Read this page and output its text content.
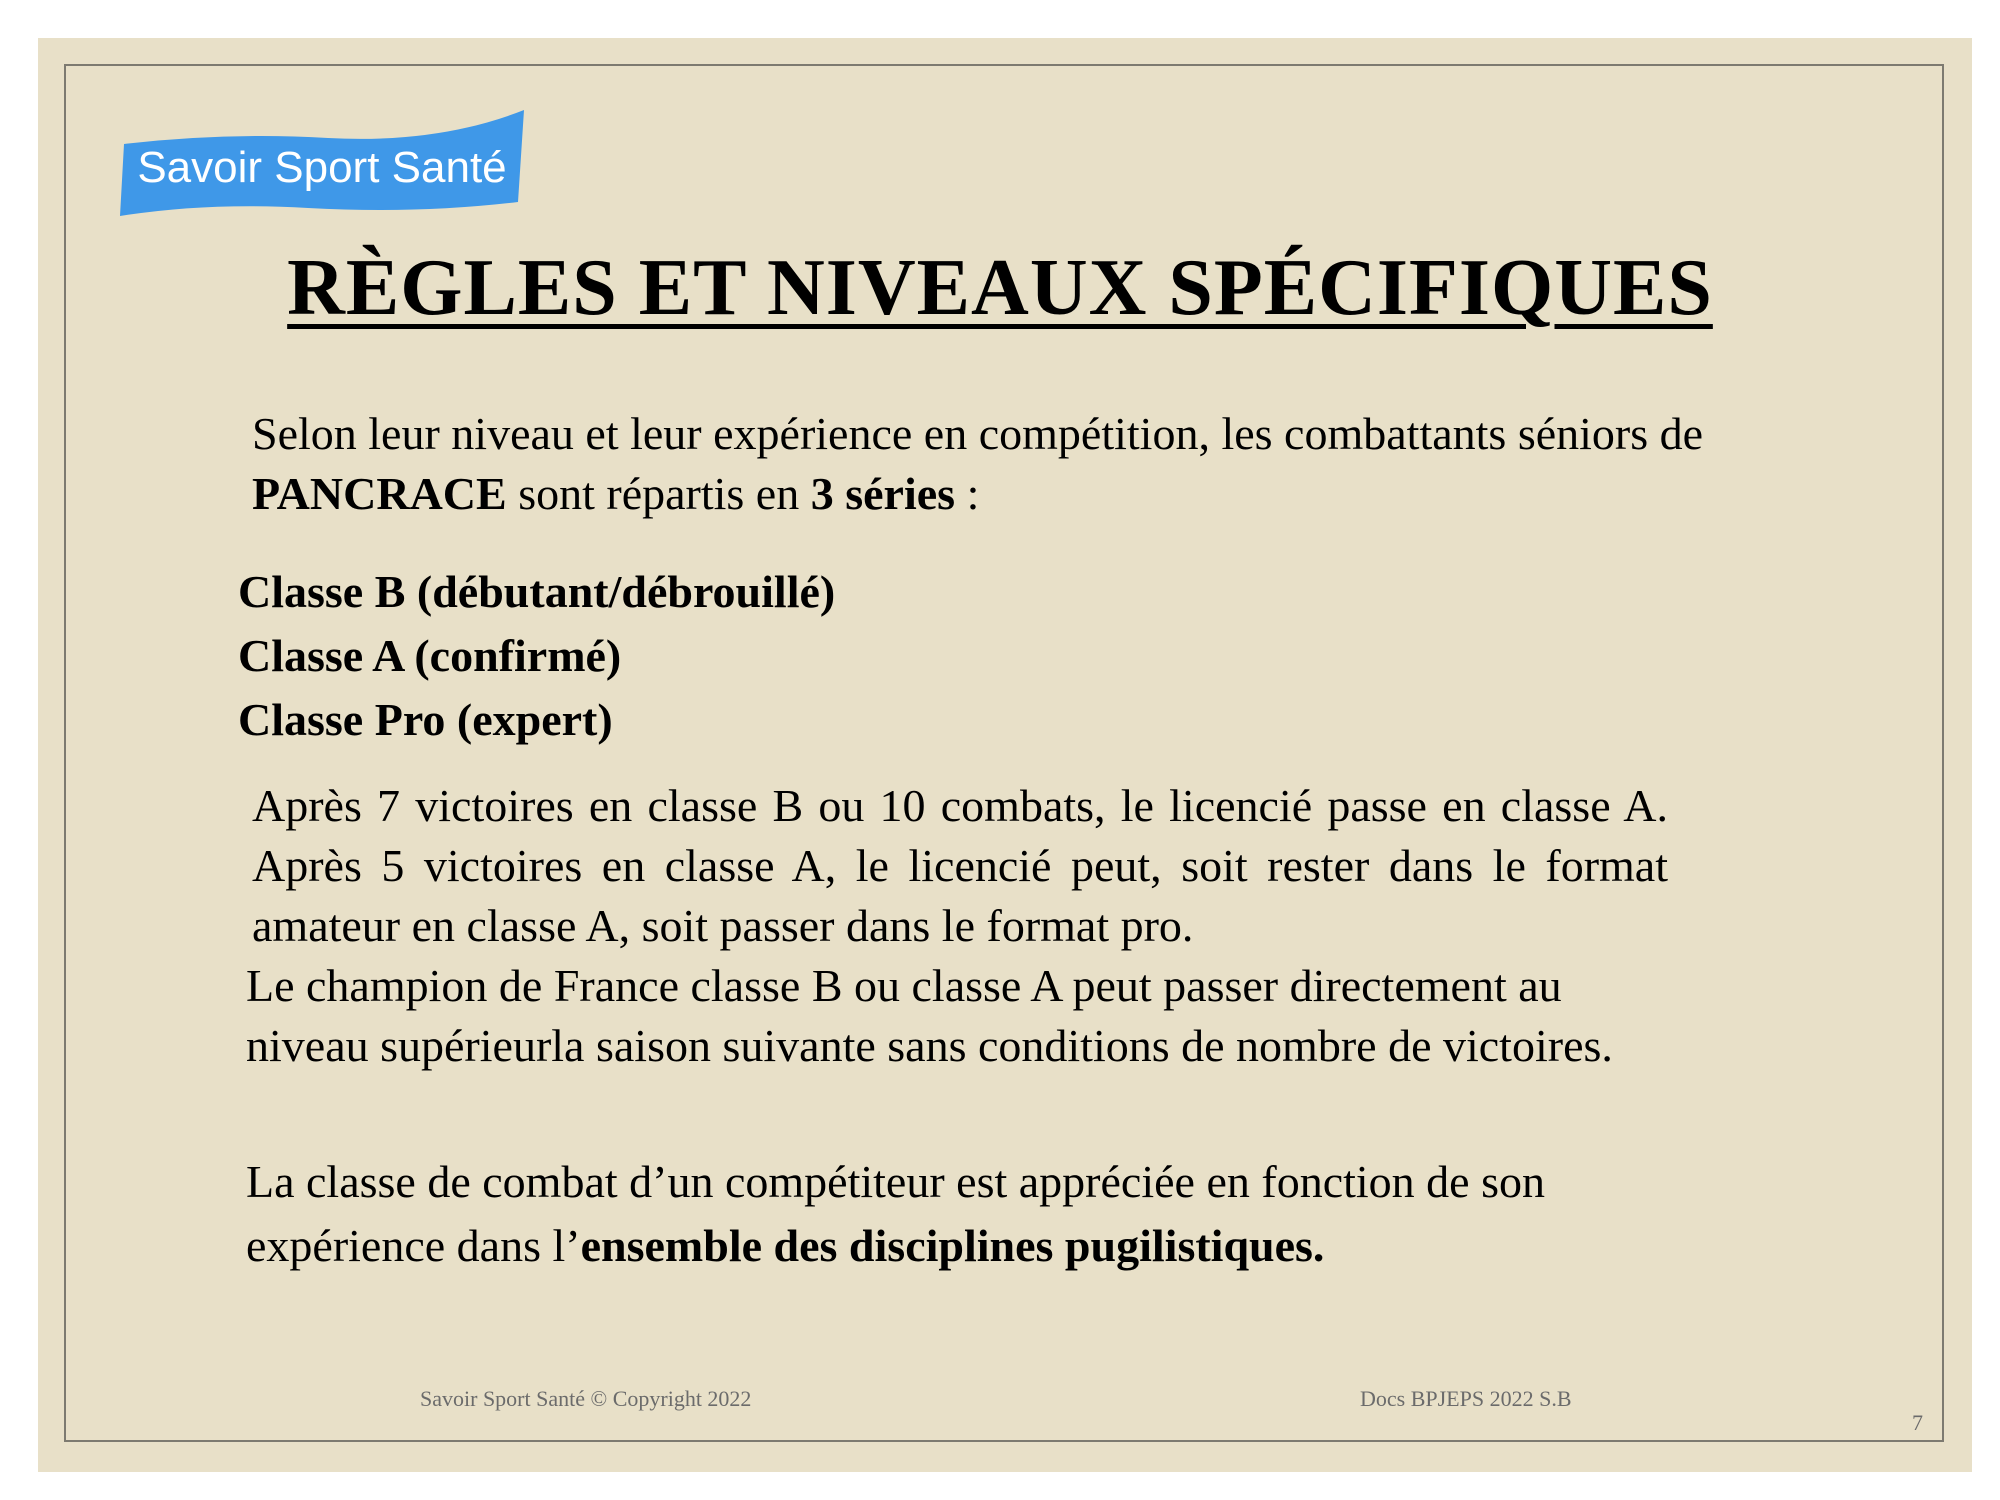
Savoir Sport Santé
RÈGLES ET NIVEAUX SPÉCIFIQUES
Selon leur niveau et leur expérience en compétition, les combattants séniors de PANCRACE sont répartis en 3 séries :
Classe B (débutant/débrouillé)
Classe A (confirmé)
Classe Pro (expert)
Après 7 victoires en classe B ou 10 combats, le licencié passe en classe A. Après 5 victoires en classe A, le licencié peut, soit rester dans le format amateur en classe A, soit passer dans le format pro.
Le champion de France classe B ou classe A peut passer directement au niveau supérieurla saison suivante sans conditions de nombre de victoires.
La classe de combat d’un compétiteur est appréciée en fonction de son expérience dans l’ensemble des disciplines pugilistiques.
Savoir Sport Santé © Copyright 2022	Docs BPJEPS 2022 S.B
7
